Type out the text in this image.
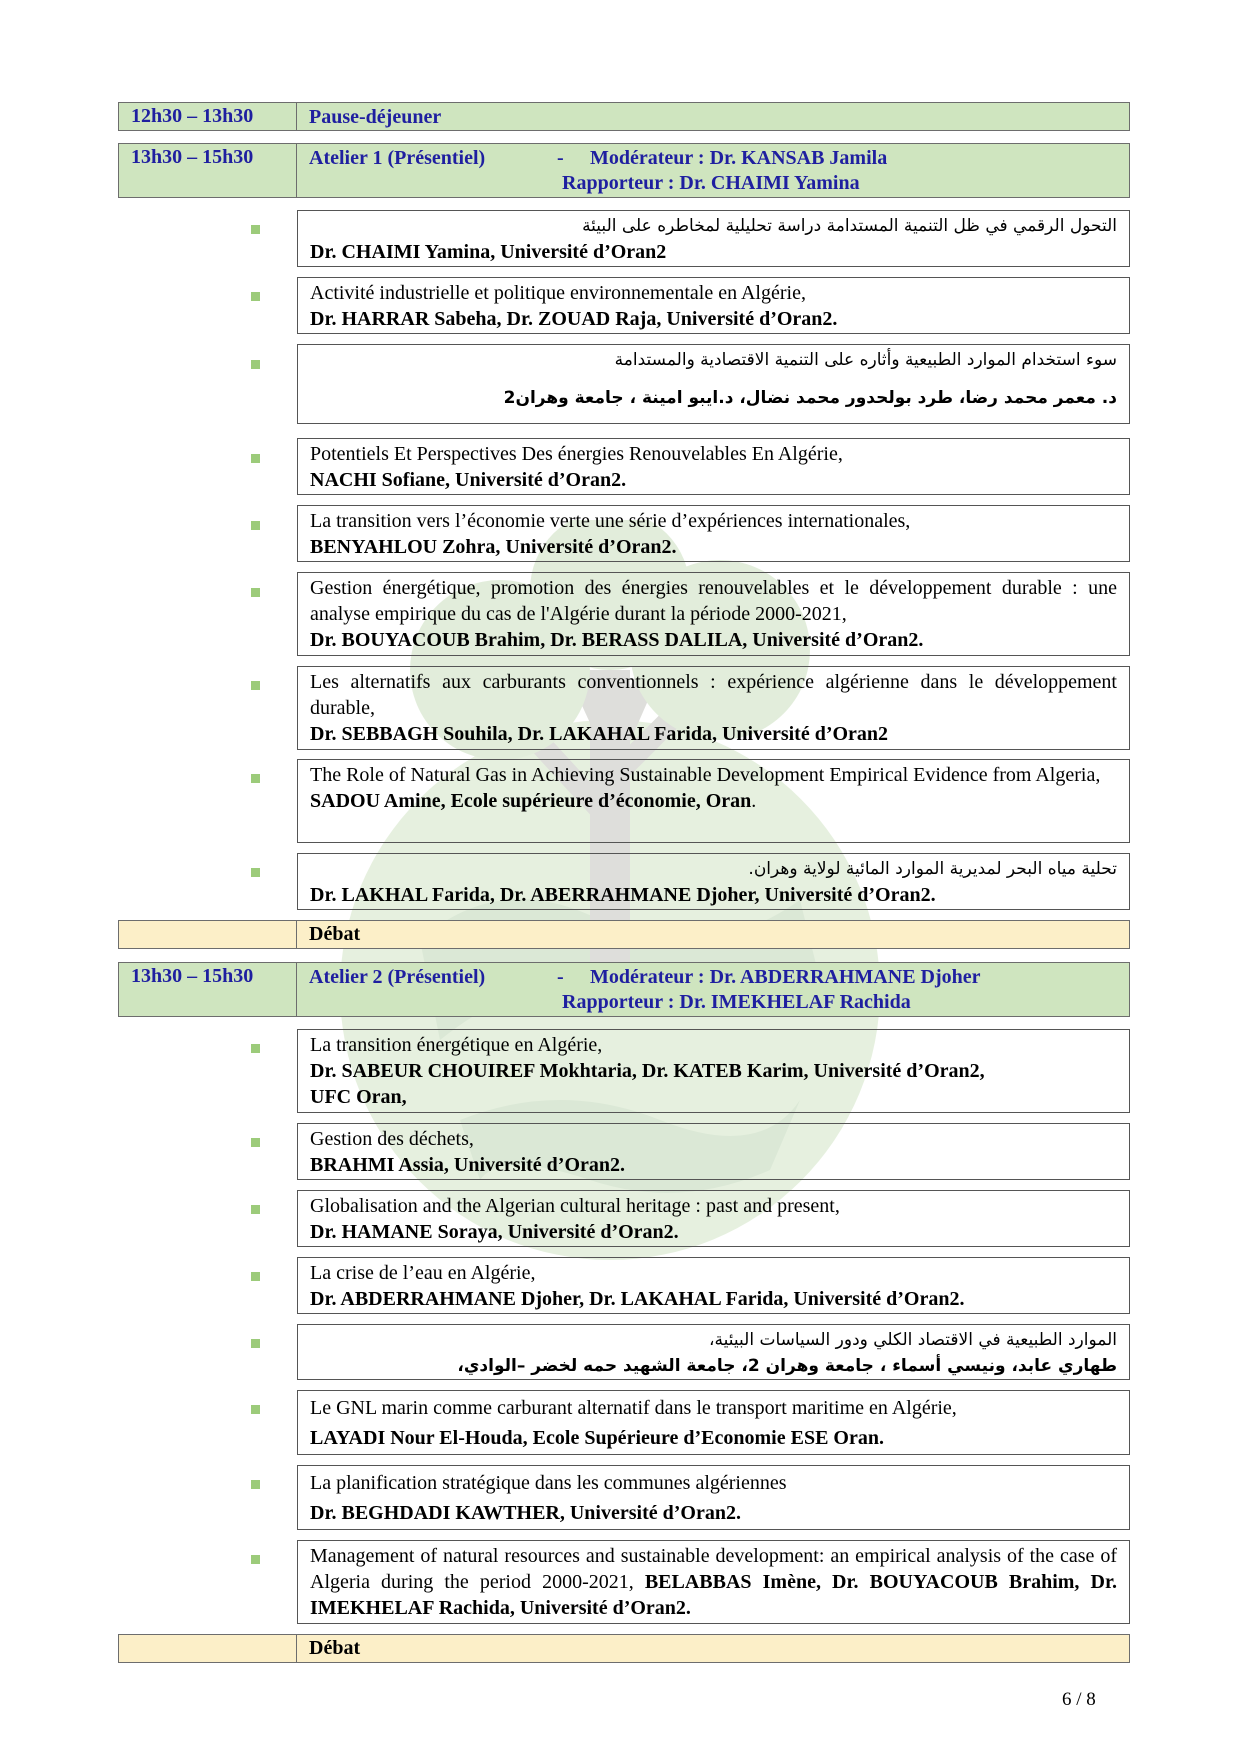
12h30 – 13h30	Pause-déjeuner
13h30 – 15h30	Atelier 1 (Présentiel)	-	Modérateur : Dr. KANSAB Jamila
Rapporteur : Dr. CHAIMI Yamina
التحول الرقمي في ظل التنمية المستدامة دراسة تحليلية لمخاطره على البيئة
Dr. CHAIMI Yamina, Université d’Oran2
Activité industrielle et politique environnementale en Algérie,
Dr. HARRAR Sabeha, Dr. ZOUAD Raja, Université d’Oran2.
سوء استخدام الموارد الطبيعية وأثاره على التنمية الاقتصادية والمستدامة
د. معمر محمد رضا، طرد بولحدور محمد نضال، د.ايبو امينة ، جامعة وهران2
Potentiels Et Perspectives Des énergies Renouvelables En Algérie,
NACHI Sofiane, Université d’Oran2.
La transition vers l’économie verte une série d’expériences internationales,
BENYAHLOU Zohra, Université d’Oran2.
Gestion énergétique, promotion des énergies renouvelables et le développement durable : une analyse empirique du cas de l'Algérie durant la période 2000-2021,
Dr. BOUYACOUB Brahim, Dr. BERASS DALILA, Université d’Oran2.
Les alternatifs aux carburants conventionnels : expérience algérienne dans le développement durable,
Dr. SEBBAGH Souhila, Dr. LAKAHAL Farida, Université d’Oran2
The Role of Natural Gas in Achieving Sustainable Development Empirical Evidence from Algeria,
SADOU Amine, Ecole supérieure d’économie, Oran.
تحلية مياه البحر لمديرية الموارد المائية لولاية وهران.
Dr. LAKHAL Farida, Dr. ABERRAHMANE Djoher, Université d’Oran2.
Débat
13h30 – 15h30	Atelier 2 (Présentiel)	-	Modérateur : Dr. ABDERRAHMANE Djoher
Rapporteur : Dr. IMEKHELAF Rachida
La transition énergétique en Algérie,
Dr. SABEUR CHOUIREF Mokhtaria, Dr. KATEB Karim, Université d’Oran2,
UFC Oran,
Gestion des déchets,
BRAHMI Assia, Université d’Oran2.
Globalisation and the Algerian cultural heritage : past and present,
Dr. HAMANE Soraya, Université d’Oran2.
La crise de l’eau en Algérie,
Dr. ABDERRAHMANE Djoher, Dr. LAKAHAL Farida, Université d’Oran2.
الموارد الطبيعية في الاقتصاد الكلي ودور السياسات البيئية،
طهاري عابد، ونيسي أسماء ، جامعة وهران 2، جامعة الشهيد حمه لخضر –الوادي،
Le GNL marin comme carburant alternatif dans le transport maritime en Algérie,
LAYADI Nour El-Houda, Ecole Supérieure d’Economie ESE Oran.
La planification stratégique dans les communes algériennes
Dr. BEGHDADI KAWTHER, Université d’Oran2.
Management of natural resources and sustainable development: an empirical analysis of the case of Algeria during the period 2000-2021, BELABBAS Imène, Dr. BOUYACOUB Brahim, Dr. IMEKHELAF Rachida, Université d’Oran2.
Débat
6 / 8
